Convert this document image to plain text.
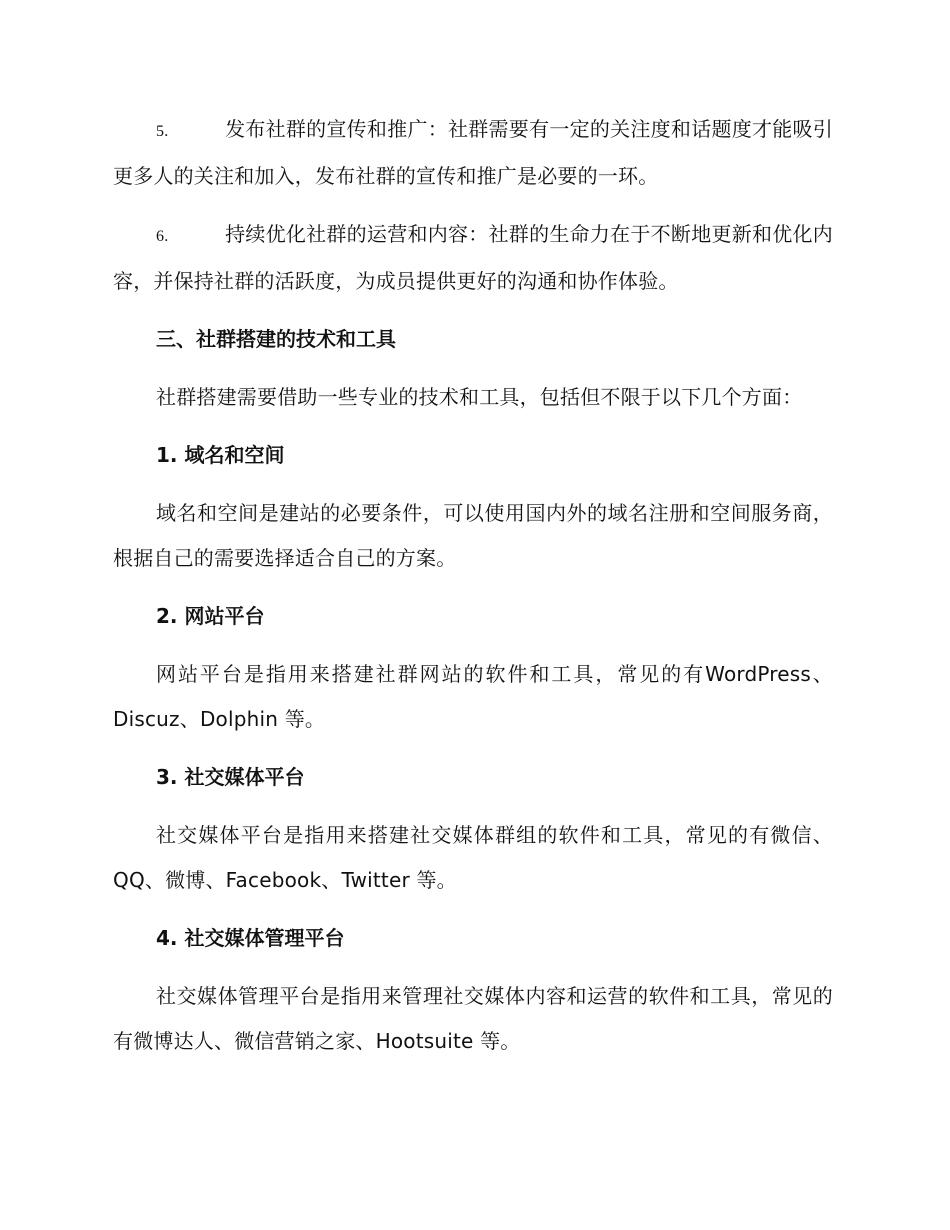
5.	发布社群的宣传和推广：社群需要有一定的关注度和话题度才能吸引更多人的关注和加入，发布社群的宣传和推广是必要的一环。

6.	持续优化社群的运营和内容：社群的生命力在于不断地更新和优化内容，并保持社群的活跃度，为成员提供更好的沟通和协作体验。

三、社群搭建的技术和工具

社群搭建需要借助一些专业的技术和工具，包括但不限于以下几个方面：

1. 域名和空间

域名和空间是建站的必要条件，可以使用国内外的域名注册和空间服务商，根据自己的需要选择适合自己的方案。

2. 网站平台

网站平台是指用来搭建社群网站的软件和工具，常见的有WordPress、Discuz、Dolphin 等。

3. 社交媒体平台

社交媒体平台是指用来搭建社交媒体群组的软件和工具，常见的有微信、QQ、微博、Facebook、Twitter 等。

4. 社交媒体管理平台

社交媒体管理平台是指用来管理社交媒体内容和运营的软件和工具，常见的有微博达人、微信营销之家、Hootsuite 等。
